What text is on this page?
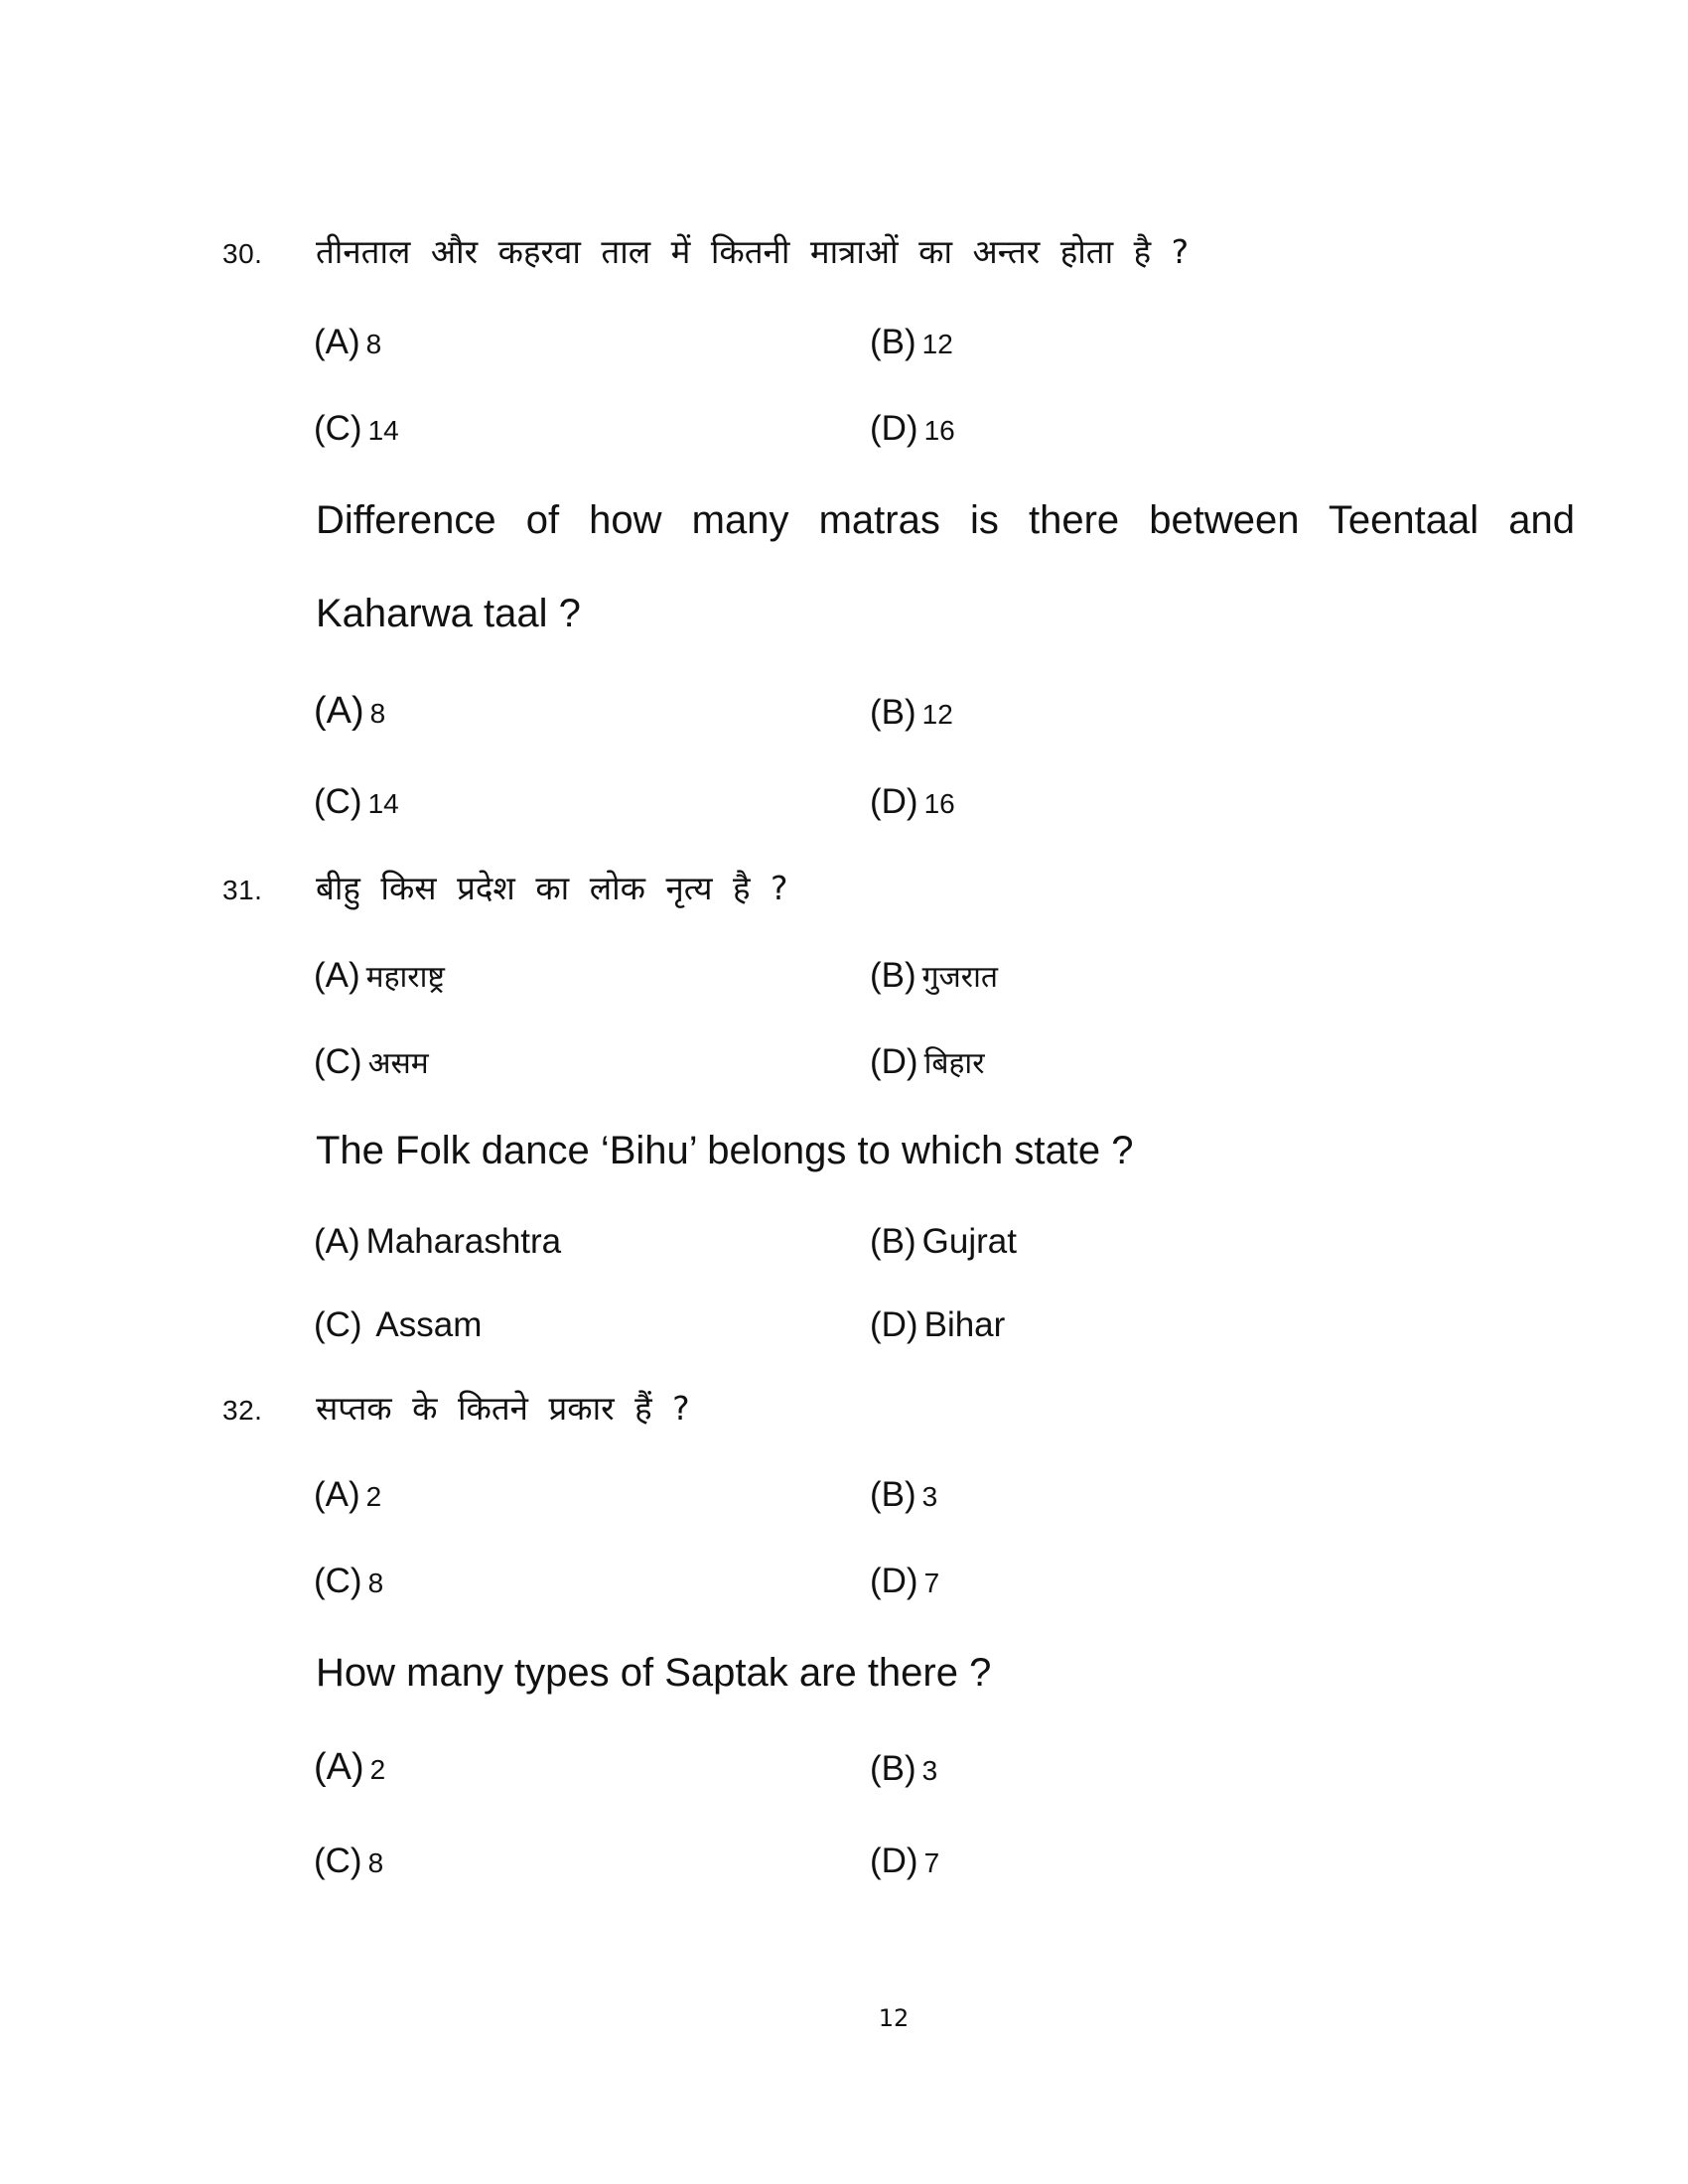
30. तीनताल और कहरवा ताल में कितनी मात्राओं का अन्तर होता है ?
(A) 8	(B) 12
(C) 14	(D) 16
Difference of how many matras is there between Teentaal and
Kaharwa taal ?
(A) 8	(B) 12
(C) 14	(D) 16
31. बीहु किस प्रदेश का लोक नृत्य है ?
(A) महाराष्ट्र	(B) गुजरात
(C) असम	(D) बिहार
The Folk dance ‘Bihu’ belongs to which state ?
(A) Maharashtra	(B) Gujrat
(C) Assam	(D) Bihar
32. सप्तक के कितने प्रकार हैं ?
(A) 2	(B) 3
(C) 8	(D) 7
How many types of Saptak are there ?
(A) 2	(B) 3
(C) 8	(D) 7
12
